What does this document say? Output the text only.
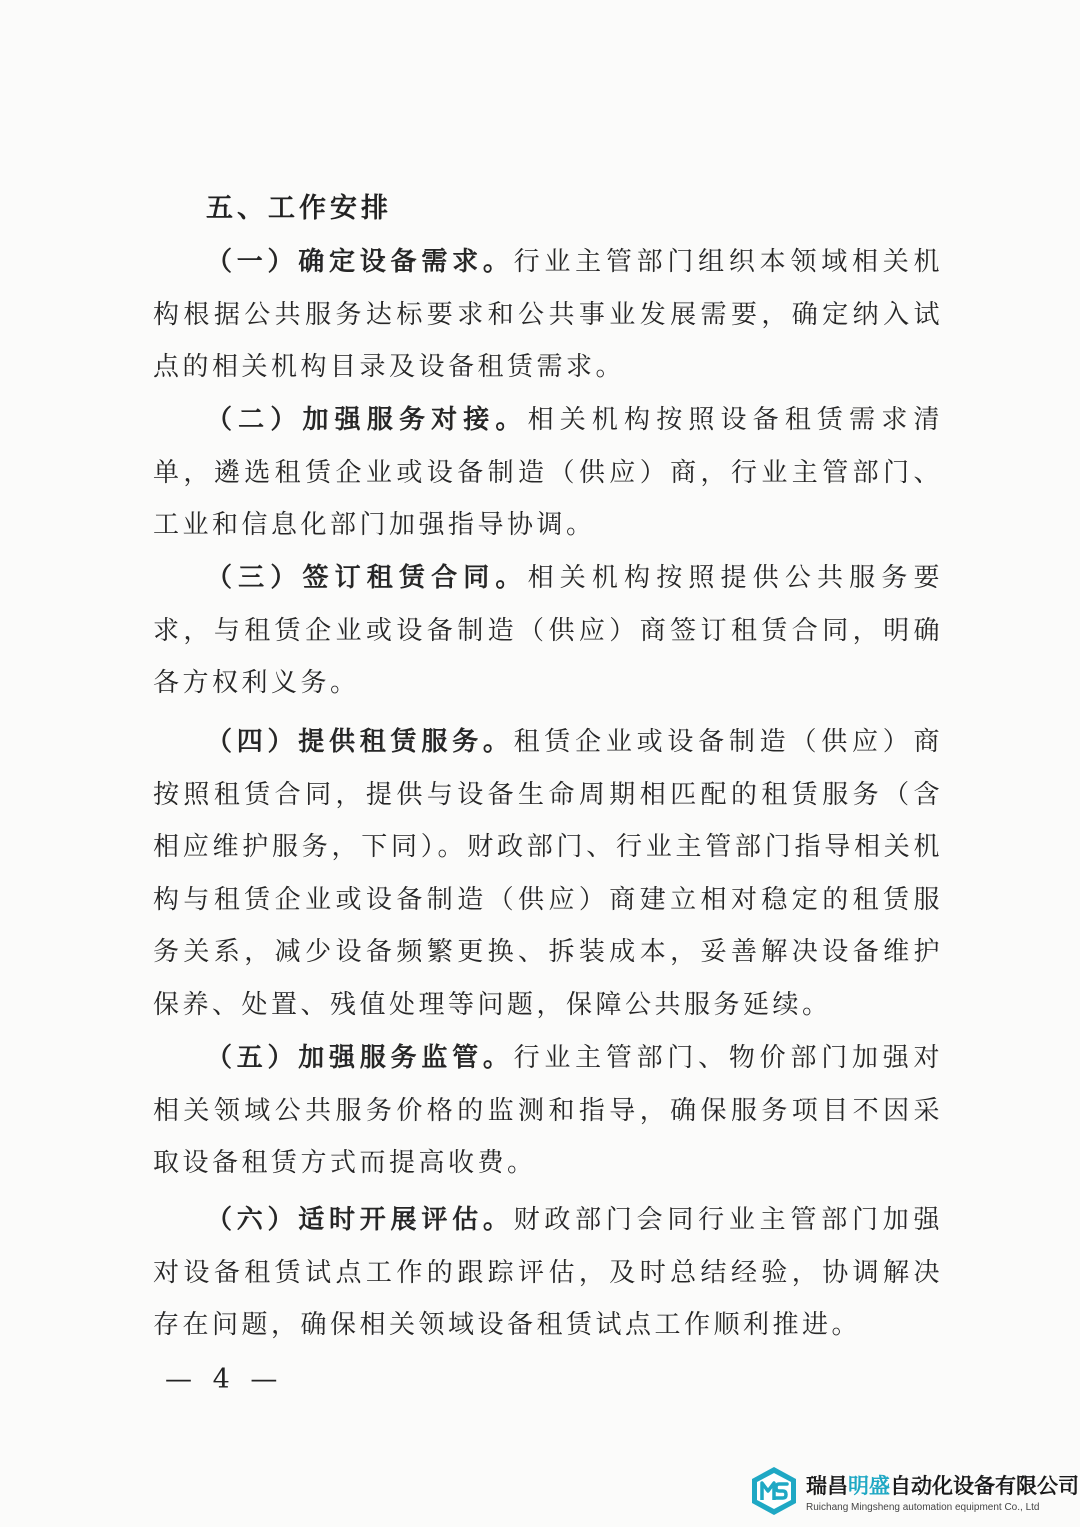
五、工作安排

（一）确定设备需求。行业主管部门组织本领域相关机构根据公共服务达标要求和公共事业发展需要，确定纳入试点的相关机构目录及设备租赁需求。

（二）加强服务对接。相关机构按照设备租赁需求清单，遴选租赁企业或设备制造（供应）商，行业主管部门、工业和信息化部门加强指导协调。

（三）签订租赁合同。相关机构按照提供公共服务要求，与租赁企业或设备制造（供应）商签订租赁合同，明确各方权利义务。

（四）提供租赁服务。租赁企业或设备制造（供应）商按照租赁合同，提供与设备生命周期相匹配的租赁服务（含相应维护服务，下同）。财政部门、行业主管部门指导相关机构与租赁企业或设备制造（供应）商建立相对稳定的租赁服务关系，减少设备频繁更换、拆装成本，妥善解决设备维护保养、处置、残值处理等问题，保障公共服务延续。

（五）加强服务监管。行业主管部门、物价部门加强对相关领域公共服务价格的监测和指导，确保服务项目不因采取设备租赁方式而提高收费。

（六）适时开展评估。财政部门会同行业主管部门加强对设备租赁试点工作的跟踪评估，及时总结经验，协调解决存在问题，确保相关领域设备租赁试点工作顺利推进。

— 4 —
瑞昌明盛自动化设备有限公司
Ruichang Mingsheng automation equipment Co., Ltd
